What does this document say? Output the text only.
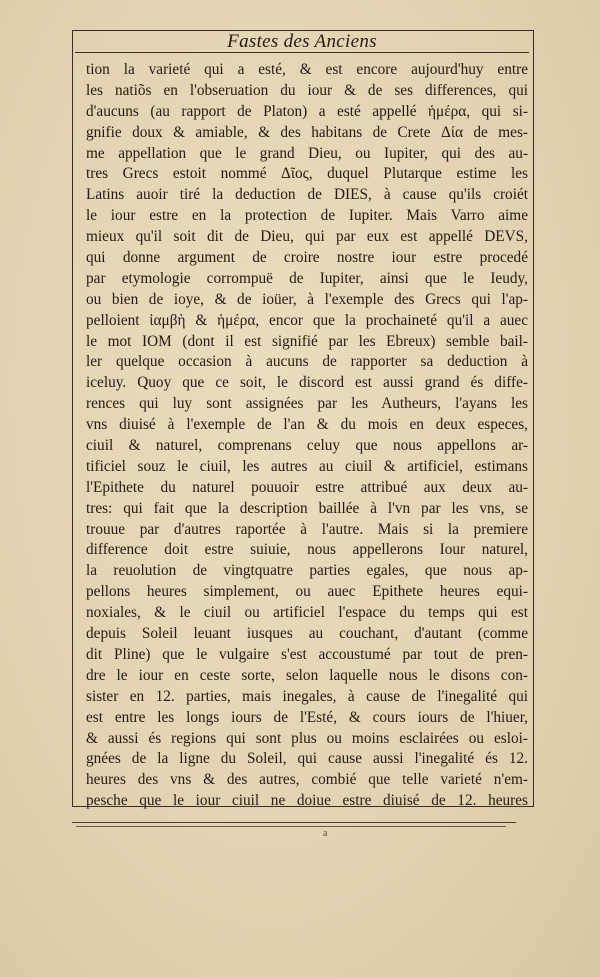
Fastes des Anciens
tion la varieté qui a esté, & est encore aujourd'huy entre
les natiõs en l'obseruation du iour & de ses differences, qui
d'aucuns (au rapport de Platon) a esté appellé ἡμέρα, qui si-
gnifie doux & amiable, & des habitans de Crete Δία de mes-
me appellation que le grand Dieu, ou Iupiter, qui des au-
tres Grecs estoit nommé Δῖος, duquel Plutarque estime les
Latins auoir tiré la deduction de DIES, à cause qu'ils croiét
le iour estre en la protection de Iupiter. Mais Varro aime
mieux qu'il soit dit de Dieu, qui par eux est appellé DEVS,
qui donne argument de croire nostre iour estre procedé
par etymologie corrompuë de Iupiter, ainsi que le Ieudy,
ou bien de ioye, & de ioüer, à l'exemple des Grecs qui l'ap-
pelloient ἰαμβὴ & ἡμέρα, encor que la prochaineté qu'il a auec
le mot IOM (dont il est signifié par les Ebreux) semble bail-
ler quelque occasion à aucuns de rapporter sa deduction à
iceluy. Quoy que ce soit, le discord est aussi grand és diffe-
rences qui luy sont assignées par les Autheurs, l'ayans les
vns diuisé à l'exemple de l'an & du mois en deux especes,
ciuil & naturel, comprenans celuy que nous appellons ar-
tificiel souz le ciuil, les autres au ciuil & artificiel, estimans
l'Epithete du naturel pouuoir estre attribué aux deux au-
tres: qui fait que la description baillée à l'vn par les vns, se
trouue par d'autres raportée à l'autre. Mais si la premiere
difference doit estre suiuie, nous appellerons Iour naturel,
la reuolution de vingtquatre parties egales, que nous ap-
pellons heures simplement, ou auec Epithete heures equi-
noxiales, & le ciuil ou artificiel l'espace du temps qui est
depuis Soleil leuant iusques au couchant, d'autant (comme
dit Pline) que le vulgaire s'est accoustumé par tout de pren-
dre le iour en ceste sorte, selon laquelle nous le disons con-
sister en 12. parties, mais inegales, à cause de l'inegalité qui
est entre les longs iours de l'Esté, & cours iours de l'hiuer,
& aussi és regions qui sont plus ou moins esclairées ou esloi-
gnées de la ligne du Soleil, qui cause aussi l'inegalité és 12.
heures des vns & des autres, combié que telle varieté n'em-
pesche que le iour ciuil ne doiue estre diuisé de 12. heures
a
